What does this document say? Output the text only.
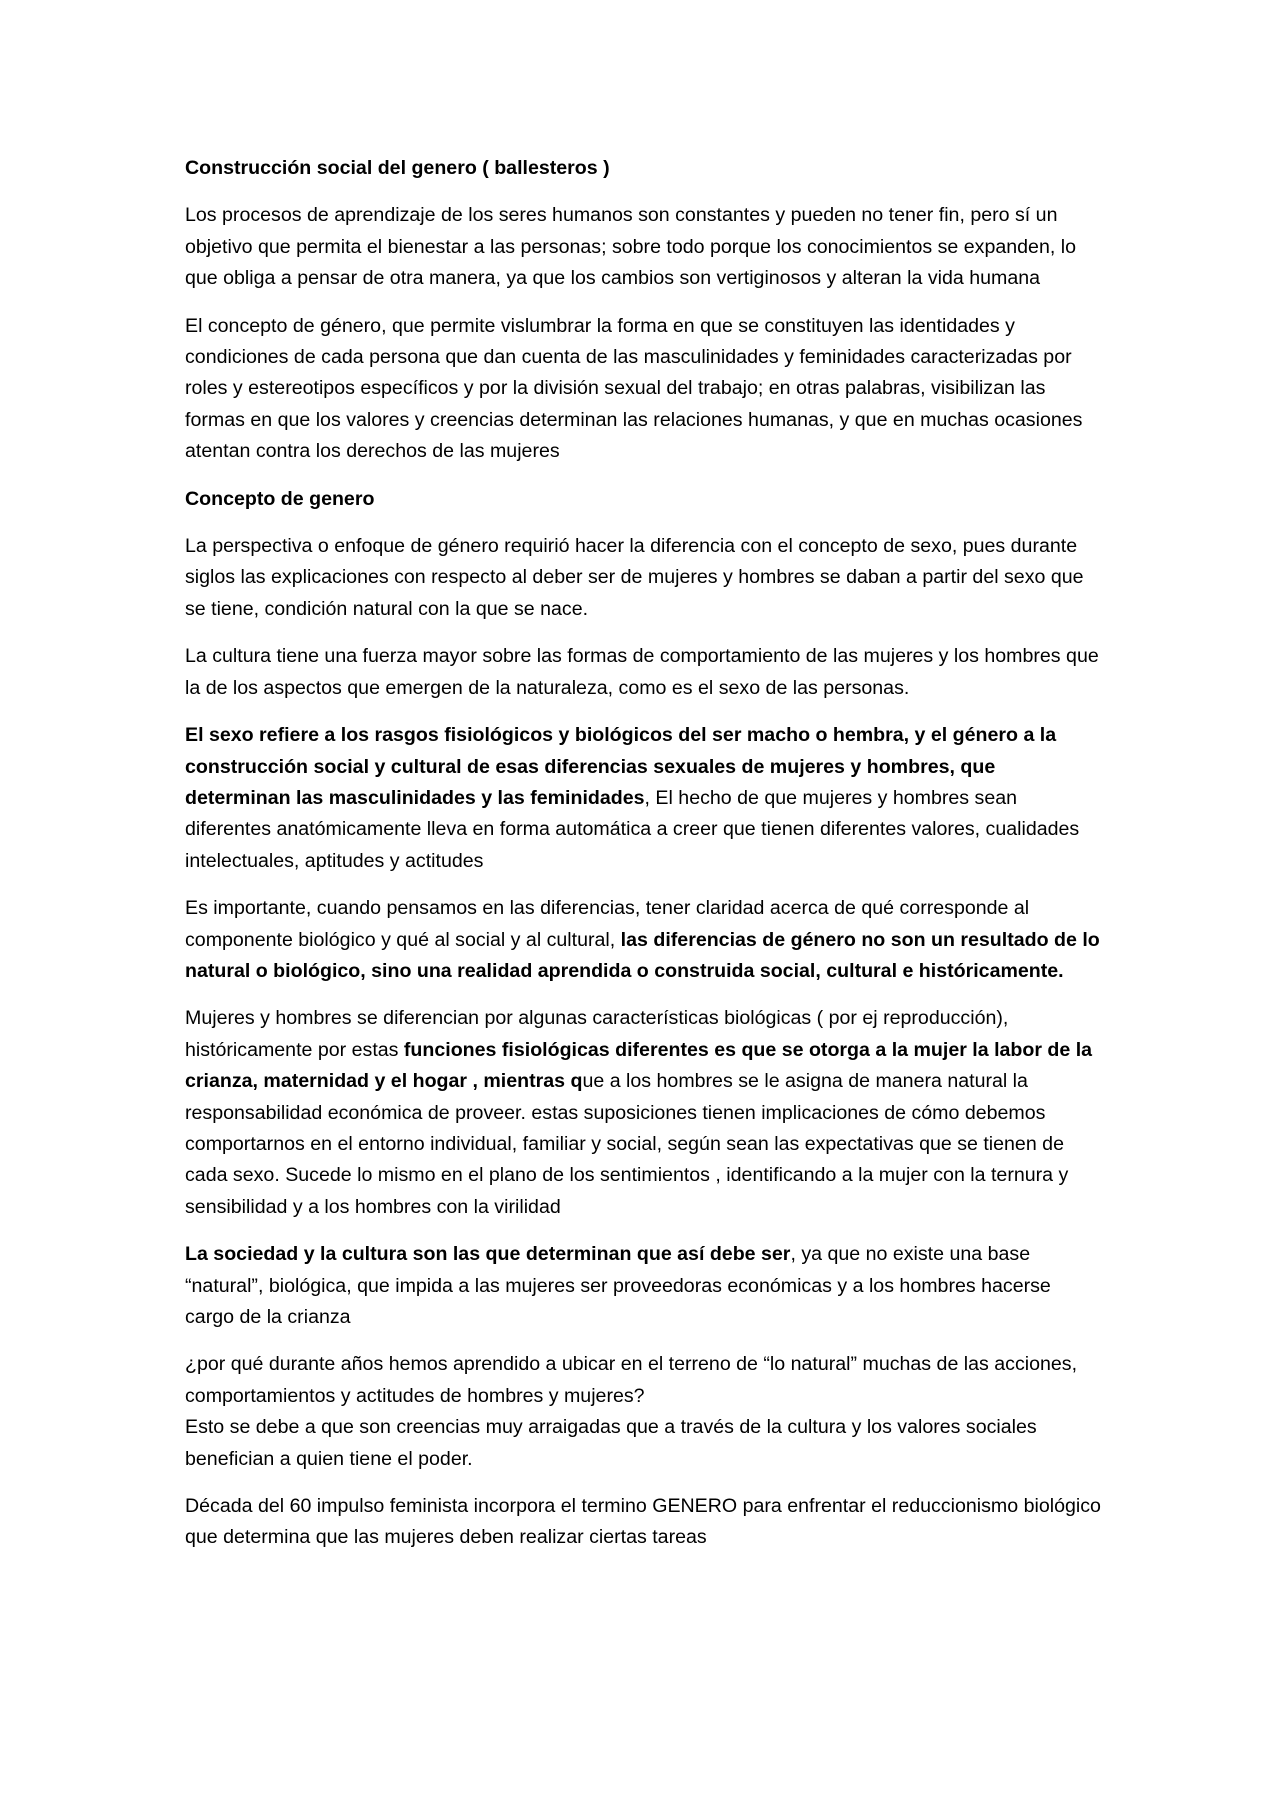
Construcción social del genero ( ballesteros )

Los procesos de aprendizaje de los seres humanos son constantes y pueden no tener fin, pero sí un objetivo que permita el bienestar a las personas; sobre todo porque los conocimientos se expanden, lo que obliga a pensar de otra manera, ya que los cambios son vertiginosos y alteran la vida humana

El concepto de género, que permite vislumbrar la forma en que se constituyen las identidades y condiciones de cada persona que dan cuenta de las masculinidades y feminidades caracterizadas por roles y estereotipos específicos y por la división sexual del trabajo; en otras palabras, visibilizan las formas en que los valores y creencias determinan las relaciones humanas, y que en muchas ocasiones atentan contra los derechos de las mujeres

Concepto de genero

La perspectiva o enfoque de género requirió hacer la diferencia con el concepto de sexo, pues durante siglos las explicaciones con respecto al deber ser de mujeres y hombres se daban a partir del sexo que se tiene, condición natural con la que se nace.

La cultura tiene una fuerza mayor sobre las formas de comportamiento de las mujeres y los hombres que la de los aspectos que emergen de la naturaleza, como es el sexo de las personas.

El sexo refiere a los rasgos fisiológicos y biológicos del ser macho o hembra, y el género a la construcción social y cultural de esas diferencias sexuales de mujeres y hombres, que determinan las masculinidades y las feminidades, El hecho de que mujeres y hombres sean diferentes anatómicamente lleva en forma automática a creer que tienen diferentes valores, cualidades intelectuales, aptitudes y actitudes

Es importante, cuando pensamos en las diferencias, tener claridad acerca de qué corresponde al componente biológico y qué al social y al cultural, las diferencias de género no son un resultado de lo natural o biológico, sino una realidad aprendida o construida social, cultural e históricamente.

Mujeres y hombres se diferencian por algunas características biológicas ( por ej reproducción), históricamente por estas funciones fisiológicas diferentes es que se otorga a la mujer la labor de la crianza, maternidad y el hogar , mientras que a los hombres se le asigna de manera natural la responsabilidad económica de proveer. estas suposiciones tienen implicaciones de cómo debemos comportarnos en el entorno individual, familiar y social, según sean las expectativas que se tienen de cada sexo. Sucede lo mismo en el plano de los sentimientos , identificando a la mujer con la ternura y sensibilidad y a los hombres con la virilidad

La sociedad y la cultura son las que determinan que así debe ser, ya que no existe una base “natural”, biológica, que impida a las mujeres ser proveedoras económicas y a los hombres hacerse cargo de la crianza

¿por qué durante años hemos aprendido a ubicar en el terreno de “lo natural” muchas de las acciones, comportamientos y actitudes de hombres y mujeres?
Esto se debe a que son creencias muy arraigadas que a través de la cultura y los valores sociales benefician a quien tiene el poder.

Década del 60 impulso feminista incorpora el termino GENERO para enfrentar el reduccionismo biológico que determina que las mujeres deben realizar ciertas tareas
